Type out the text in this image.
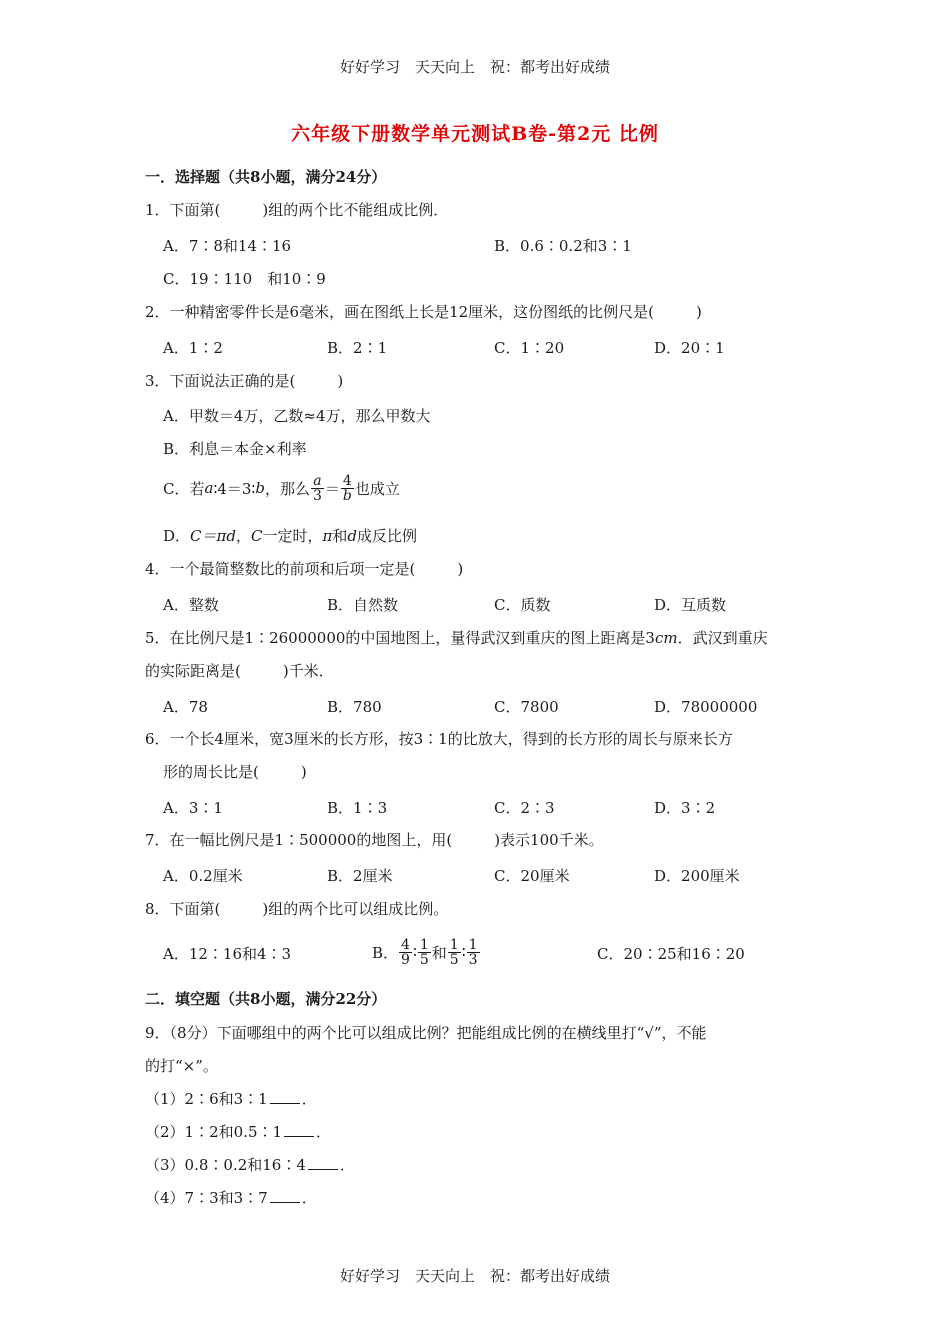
好好学习　天天向上　祝：都考出好成绩
六年级下册数学单元测试B卷-第2元 比例
一．选择题（共8小题，满分24分）
1．下面第(	)组的两个比不能组成比例．
A．7∶8和14∶16	B．0.6∶0.2和3∶1
C．19∶110　和10∶9
2．一种精密零件长是6毫米，画在图纸上长是12厘米，这份图纸的比例尺是(	)
A．1∶2	B．2∶1	C．1∶20	D．20∶1
3．下面说法正确的是(	)
A．甲数＝4万，乙数≈4万，那么甲数大
B．利息＝本金×利率
C．若 a ∶4＝3∶ b ，那么 $\frac{a}{3} = \frac{4}{b}$ 也成立
D．C＝πd，C一定时，π和d成反比例
4．一个最简整数比的前项和后项一定是(	)
A．整数	B．自然数	C．质数	D．互质数
5．在比例尺是1∶26000000的中国地图上，量得武汉到重庆的图上距离是3cm．武汉到重庆
的实际距离是(	)千米．
A．78	B．780	C．7800	D．78000000
6．一个长4厘米，宽3厘米的长方形，按3∶1的比放大，得到的长方形的周长与原来长方
形的周长比是(	)
A．3∶1	B．1∶3	C．2∶3	D．3∶2
7．在一幅比例尺是1∶500000的地图上，用(	)表示100千米。
A．0.2厘米	B．2厘米	C．20厘米	D．200厘米
8．下面第(	)组的两个比可以组成比例。
A．12∶16和4∶3	B． $\frac{4}{9}$ ∶ $\frac{1}{5}$ 和 $\frac{1}{5}$ ∶ $\frac{1}{3}$	C．20∶25和16∶20
二．填空题（共8小题，满分22分）
9．（8分）下面哪组中的两个比可以组成比例？把能组成比例的在横线里打“√”，不能
的打“×”。
（1）2∶6和3∶1 ．
（2）1∶2和0.5∶1 ．
（3）0.8∶0.2和16∶4 ．
（4）7∶3和3∶7 ．
好好学习　天天向上　祝：都考出好成绩
